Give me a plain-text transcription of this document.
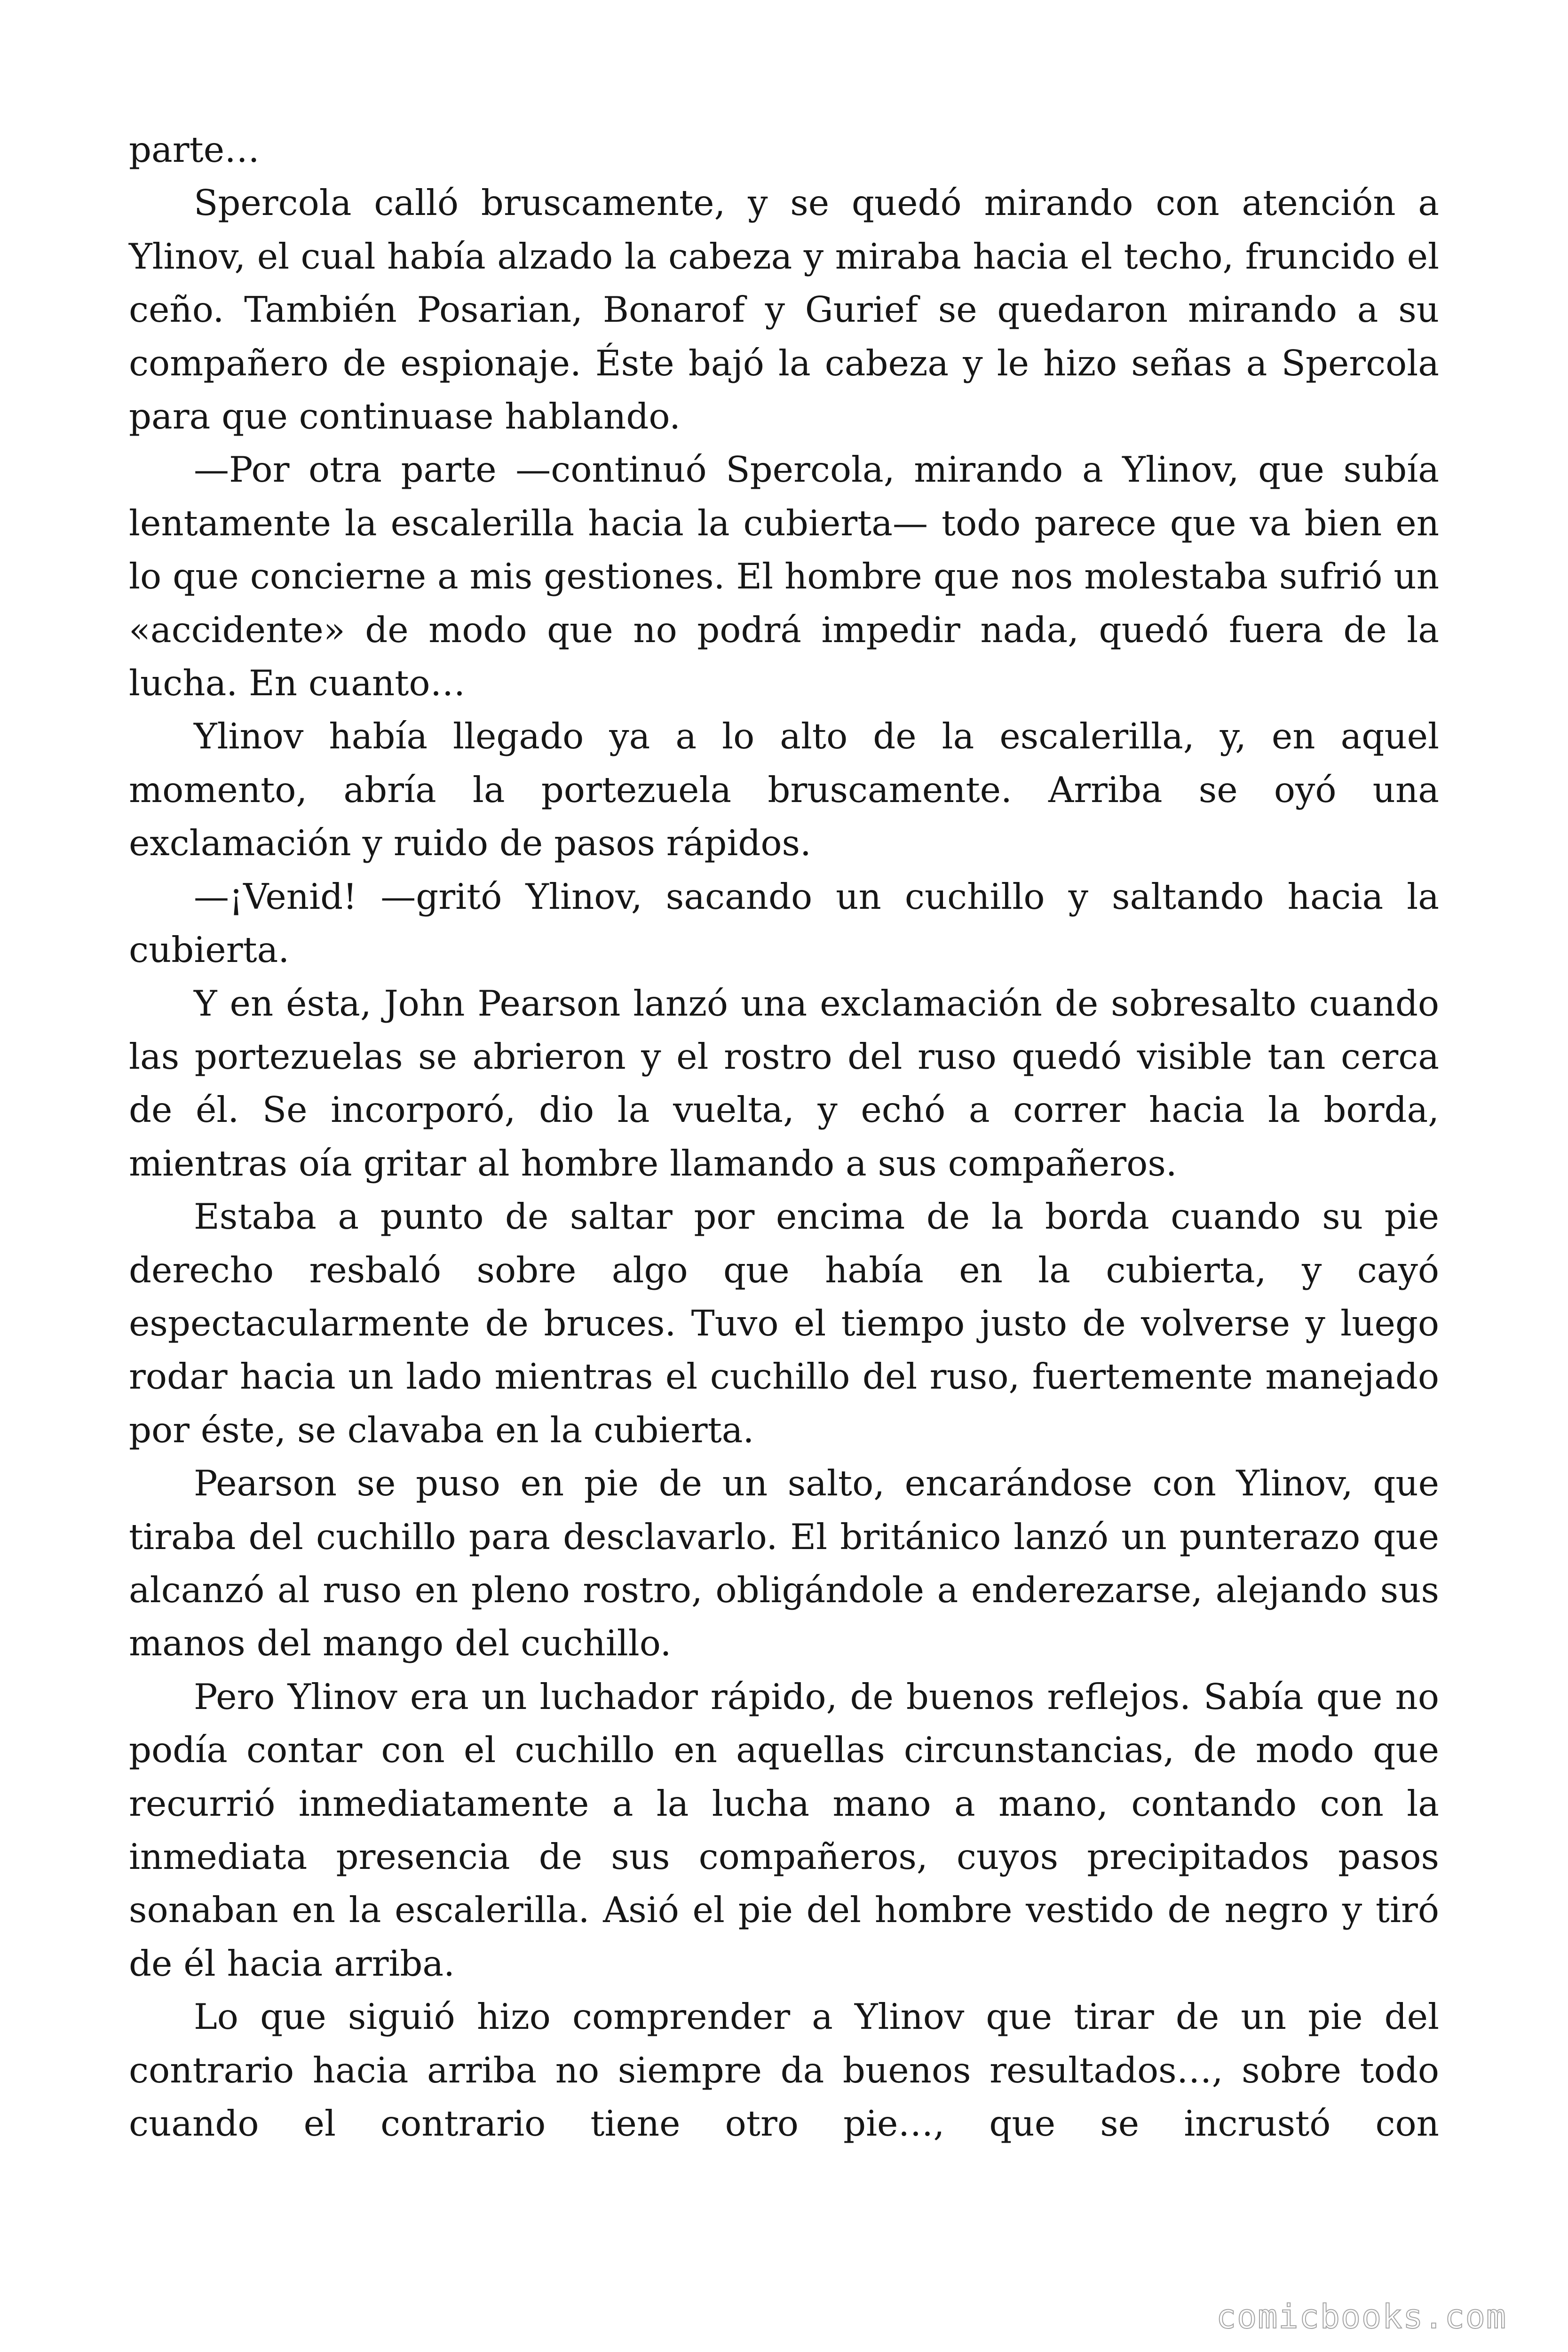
parte…

Spercola calló bruscamente, y se quedó mirando con atención a Ylinov, el cual había alzado la cabeza y miraba hacia el techo, fruncido el ceño. También Posarian, Bonarof y Gurief se quedaron mirando a su compañero de espionaje. Éste bajó la cabeza y le hizo señas a Spercola para que continuase hablando.

—Por otra parte —continuó Spercola, mirando a Ylinov, que subía lentamente la escalerilla hacia la cubierta— todo parece que va bien en lo que concierne a mis gestiones. El hombre que nos molestaba sufrió un «accidente» de modo que no podrá impedir nada, quedó fuera de la lucha. En cuanto…

Ylinov había llegado ya a lo alto de la escalerilla, y, en aquel momento, abría la portezuela bruscamente. Arriba se oyó una exclamación y ruido de pasos rápidos.

—¡Venid! —gritó Ylinov, sacando un cuchillo y saltando hacia la cubierta.

Y en ésta, John Pearson lanzó una exclamación de sobresalto cuando las portezuelas se abrieron y el rostro del ruso quedó visible tan cerca de él. Se incorporó, dio la vuelta, y echó a correr hacia la borda, mientras oía gritar al hombre llamando a sus compañeros.

Estaba a punto de saltar por encima de la borda cuando su pie derecho resbaló sobre algo que había en la cubierta, y cayó espectacularmente de bruces. Tuvo el tiempo justo de volverse y luego rodar hacia un lado mientras el cuchillo del ruso, fuertemente manejado por éste, se clavaba en la cubierta.

Pearson se puso en pie de un salto, encarándose con Ylinov, que tiraba del cuchillo para desclavarlo. El británico lanzó un punterazo que alcanzó al ruso en pleno rostro, obligándole a enderezarse, alejando sus manos del mango del cuchillo.

Pero Ylinov era un luchador rápido, de buenos reflejos. Sabía que no podía contar con el cuchillo en aquellas circunstancias, de modo que recurrió inmediatamente a la lucha mano a mano, contando con la inmediata presencia de sus compañeros, cuyos precipitados pasos sonaban en la escalerilla. Asió el pie del hombre vestido de negro y tiró de él hacia arriba.

Lo que siguió hizo comprender a Ylinov que tirar de un pie del contrario hacia arriba no siempre da buenos resultados…, sobre todo cuando el contrario tiene otro pie…, que se incrustó con

comicbooks.com
